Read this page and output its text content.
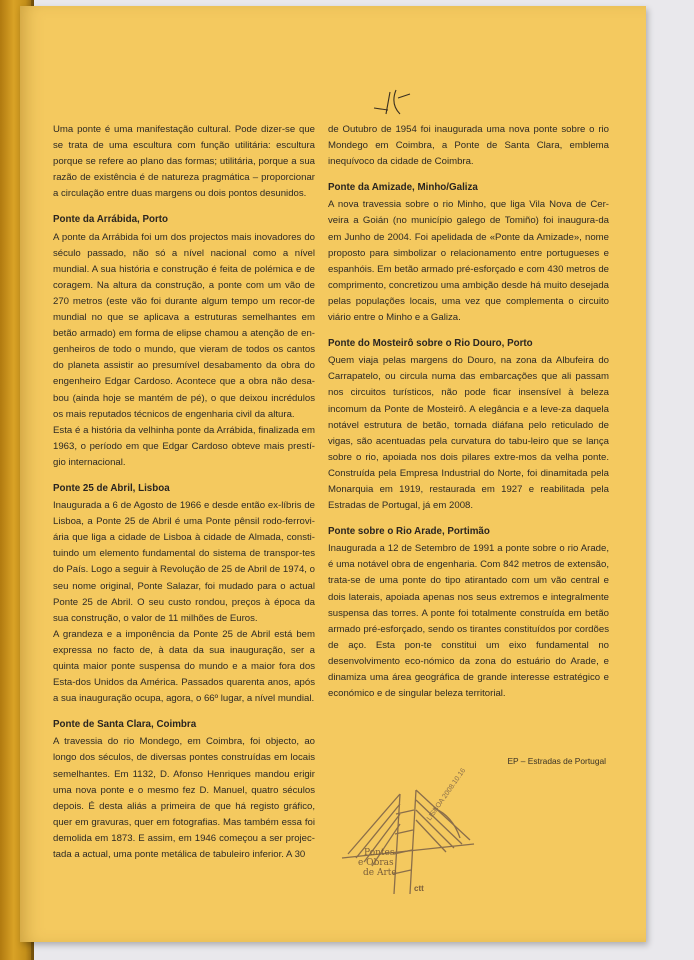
Uma ponte é uma manifestação cultural. Pode dizer-se que se trata de uma escultura com função utilitária: escultura porque se refere ao plano das formas; utilitária, porque a sua razão de existência é de natureza pragmática – proporcionar a circulação entre duas margens ou dois pontos desunidos.

Ponte da Arrábida, Porto

A ponte da Arrábida foi um dos projectos mais inovadores do século passado, não só a nível nacional como a nível mundial. A sua história e construção é feita de polémica e de coragem. Na altura da construção, a ponte com um vão de 270 metros (este vão foi durante algum tempo um recor-de mundial no que se aplicava a estruturas semelhantes em betão armado) em forma de elipse chamou a atenção de en-genheiros de todo o mundo, que vieram de todos os cantos do planeta assistir ao presumível desabamento da obra do engenheiro Edgar Cardoso. Acontece que a obra não desa-bou (ainda hoje se mantém de pé), o que deixou incrédulos os mais reputados técnicos de engenharia civil da altura.

Esta é a história da velhinha ponte da Arrábida, finalizada em 1963, o período em que Edgar Cardoso obteve mais prestí-gio internacional.

Ponte 25 de Abril, Lisboa

Inaugurada a 6 de Agosto de 1966 e desde então ex-líbris de Lisboa, a Ponte 25 de Abril é uma Ponte pênsil rodo-ferrovi-ária que liga a cidade de Lisboa à cidade de Almada, consti-tuindo um elemento fundamental do sistema de transpor-tes do País. Logo a seguir à Revolução de 25 de Abril de 1974, o seu nome original, Ponte Salazar, foi mudado para o actual Ponte 25 de Abril. O seu custo rondou, preços à época da sua construção, o valor de 11 milhões de Euros.

A grandeza e a imponência da Ponte 25 de Abril está bem expressa no facto de, à data da sua inauguração, ser a quinta maior ponte suspensa do mundo e a maior fora dos Esta-dos Unidos da América. Passados quarenta anos, após a sua inauguração ocupa, agora, o 66º lugar, a nível mundial.

Ponte de Santa Clara, Coimbra

A travessia do rio Mondego, em Coimbra, foi objecto, ao longo dos séculos, de diversas pontes construídas em locais semelhantes. Em 1132, D. Afonso Henriques mandou erigir uma nova ponte e o mesmo fez D. Manuel, quatro séculos depois. É desta aliás a primeira de que há registo gráfico, quer em gravuras, quer em fotografias. Mas também essa foi demolida em 1873. E assim, em 1946 começou a ser projec-tada a actual, uma ponte metálica de tabuleiro inferior. A 30

de Outubro de 1954 foi inaugurada uma nova ponte sobre o rio Mondego em Coimbra, a Ponte de Santa Clara, emblema inequívoco da cidade de Coimbra.

Ponte da Amizade, Minho/Galiza

A nova travessia sobre o rio Minho, que liga Vila Nova de Cer-veira a Goián (no município galego de Tomiño) foi inaugura-da em Junho de 2004. Foi apelidada de «Ponte da Amizade», nome proposto para simbolizar o relacionamento entre portugueses e espanhóis. Em betão armado pré-esforçado e com 430 metros de comprimento, concretizou uma ambição desde há muito desejada pelas populações locais, uma vez que complementa o circuito viário entre o Minho e a Galiza.

Ponte do Mosteirô sobre o Rio Douro, Porto

Quem viaja pelas margens do Douro, na zona da Albufeira do Carrapatelo, ou circula numa das embarcações que ali passam nos circuitos turísticos, não pode ficar insensível à beleza incomum da Ponte de Mosteirô. A elegância e a leve-za daquela notável estrutura de betão, tornada diáfana pelo reticulado de vigas, são acentuadas pela curvatura do tabu-leiro que se lança sobre o rio, apoiada nos dois pilares extre-mos da velha ponte. Construída pela Empresa Industrial do Norte, foi dinamitada pela Monarquia em 1919, restaurada em 1927 e reabilitada pela Estradas de Portugal, já em 2008.

Ponte sobre o Rio Arade, Portimão

Inaugurada a 12 de Setembro de 1991 a ponte sobre o rio Arade, é uma notável obra de engenharia. Com 842 metros de extensão, trata-se de uma ponte do tipo atirantado com um vão central e dois laterais, apoiada apenas nos seus extremos e integralmente suspensa das torres. A ponte foi totalmente construída em betão armado pré-esforçado, sendo os tirantes constituídos por cordões de aço. Esta pon-te constitui um eixo fundamental no desenvolvimento eco-nómico da zona do estuário do Arade, e dinamiza uma área geográfica de grande interesse estratégico e económico e de singular beleza territorial.

EP – Estradas de Portugal
Pontes
e Obras
de Arte
ctt
LISBOA 2008.10.16
